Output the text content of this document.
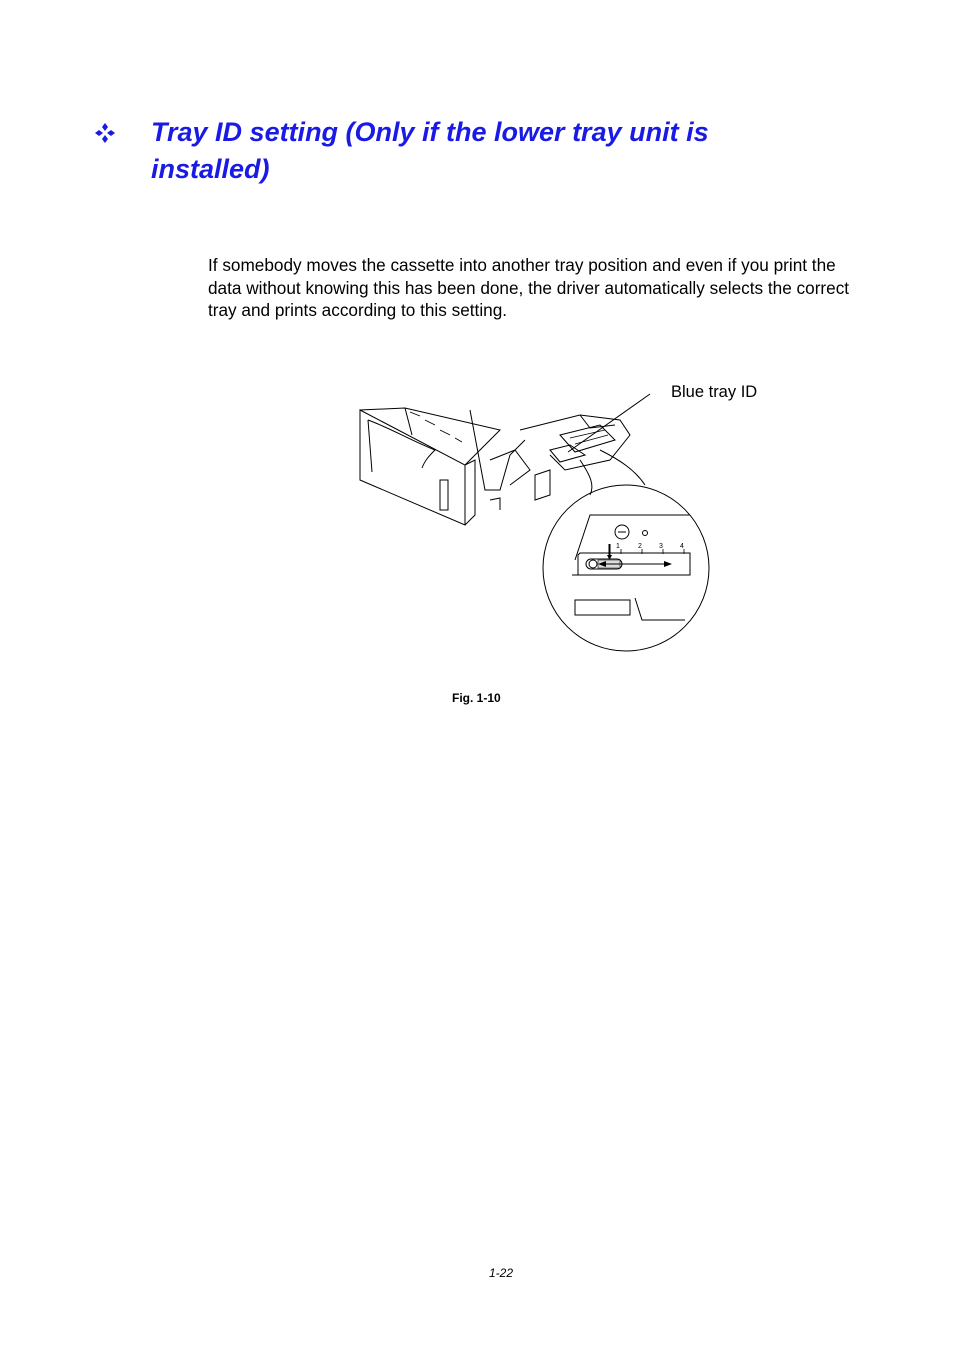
Tray ID setting (Only if the lower tray unit is installed)

If somebody moves the cassette into another tray position and even if you print the data without knowing this has been done, the driver automatically selects the correct tray and prints according to this setting.

1	2 3 4
Blue tray ID
Fig. 1-10
1-22
